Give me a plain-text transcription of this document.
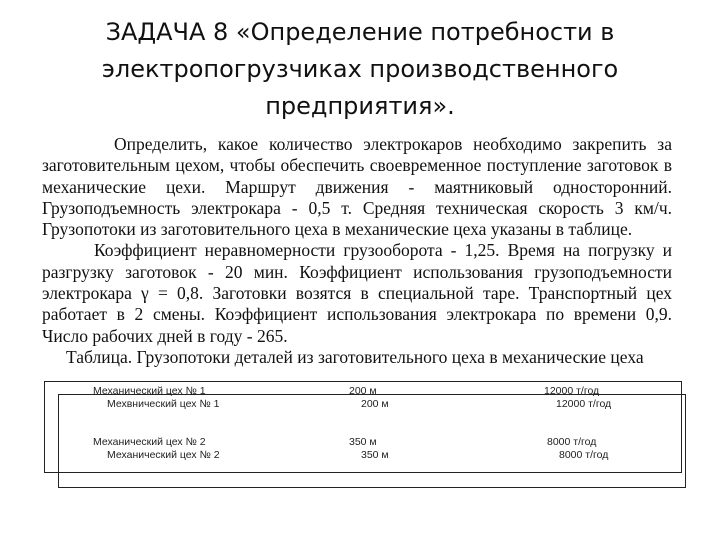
ЗАДАЧА 8 «Определение потребности в электропогрузчиках производственного предприятия».

Определить, какое количество электрокаров необходимо закрепить за заготовительным цехом, чтобы обеспечить своевременное поступление заготовок в механические цехи. Маршрут движения - маятниковый односторонний. Грузоподъемность электрокара - 0,5 т. Средняя техническая скорость 3 км/ч. Грузопотоки из заготовительного цеха в механические цеха указаны в таблице.

Коэффициент неравномерности грузооборота - 1,25. Время на погрузку и разгрузку заготовок - 20 мин. Коэффициент использования грузоподъемности электрокара γ = 0,8. Заготовки возятся в специальной таре. Транспортный цех работает в 2 смены. Коэффициент использования электрокара по времени 0,9. Число рабочих дней в году - 265.

Таблица. Грузопотоки деталей из заготовительного цеха в механические цеха
Механический цех № 1
Мехвнический цех № 1
200 м
200 м
12000 т/год
12000 т/год
Механический цех № 2
Механический цех № 2
350 м
350 м
8000 т/год
8000 т/год
